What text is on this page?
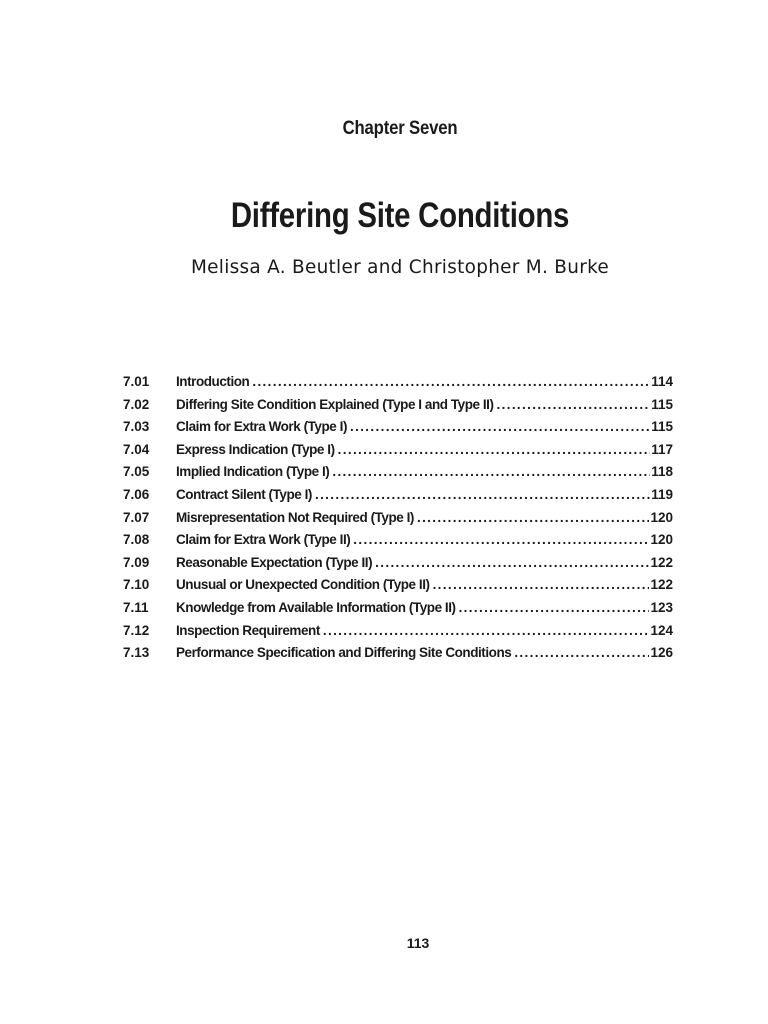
Chapter Seven
Differing Site Conditions
Melissa A. Beutler and Christopher M. Burke
7.01	Introduction . . .	114
7.02	Differing Site Condition Explained (Type I and Type II) . . .	115
7.03	Claim for Extra Work (Type I) . . .	115
7.04	Express Indication (Type I) . . .	117
7.05	Implied Indication (Type I) . . .	118
7.06	Contract Silent (Type I) . . .	119
7.07	Misrepresentation Not Required (Type I) . . .	120
7.08	Claim for Extra Work (Type II) . . .	120
7.09	Reasonable Expectation (Type II) . . .	122
7.10	Unusual or Unexpected Condition (Type II) . . .	122
7.11	Knowledge from Available Information (Type II) . . .	123
7.12	Inspection Requirement . . .	124
7.13	Performance Specification and Differing Site Conditions . . .	126
113
